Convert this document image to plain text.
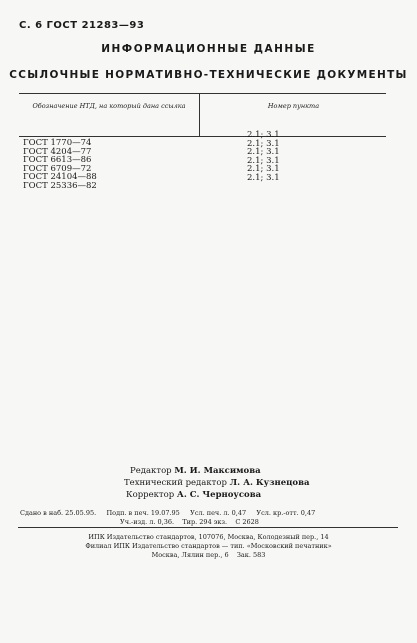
С. 6 ГОСТ 21283—93
ИНФОРМАЦИОННЫЕ ДАННЫЕ
ССЫЛОЧНЫЕ НОРМАТИВНО-ТЕХНИЧЕСКИЕ ДОКУМЕНТЫ
Обозначение НТД, на который дана ссылка	Номер пункта
ГОСТ 1770—74
ГОСТ 4204—77
ГОСТ 6613—86
ГОСТ 6709—72
ГОСТ 24104—88
ГОСТ 25336—82
2.1; 3.1
2.1; 3.1
2.1; 3.1
2.1; 3.1
2.1; 3.1
2.1; 3.1
Редактор М. И. Максимова
Технический редактор Л. А. Кузнецова
Корректор А. С. Черноусова
Сдано в наб. 25.05.95.     Подп. в печ. 19.07.95     Усл. печ. л. 0,47     Усл. кр.-отт. 0,47
Уч.-изд. л. 0,36.    Тир. 294 экз.    С 2628
ИПК Издательство стандартов, 107076, Москва, Колодезный пер., 14
Филиал ИПК Издательство стандартов — тип. «Московский печатник»
Москва, Лялин пер., 6    Зак. 583
